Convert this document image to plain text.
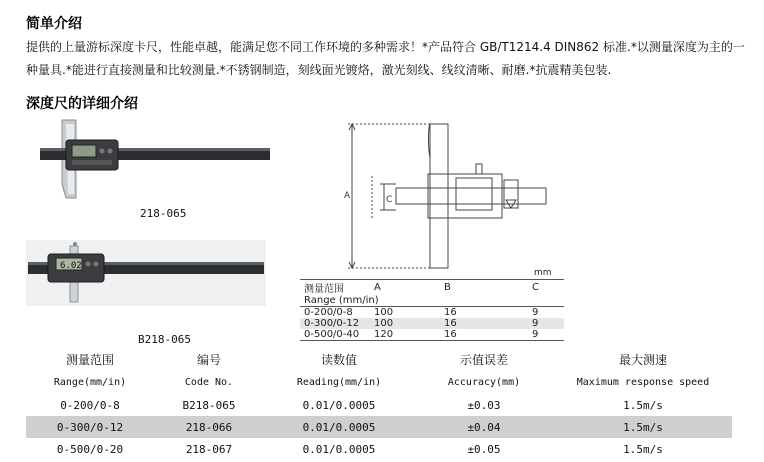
简单介绍
提供的上量游标深度卡尺，性能卓越，能满足您不同工作环境的多种需求！*产品符合 GB/T1214.4 DIN862 标准.*以测量深度为主的一种量具.*能进行直接测量和比较测量.*不锈钢制造，刻线面光镀烙，激光刻线、线纹清晰、耐磨.*抗震精美包装.
深度尺的详细介绍
218-065
6.02
B218-065
A	C
mm
测量范围	A	B	C
Range (mm/in)			
0-200/0-8	100	16	9
0-300/0-12	100	16	9
0-500/0-40	120	16	9
测量范围	编号	读数值	示值误差	最大测速
Range(mm/in)	Code No.	Reading(mm/in)	Accuracy(mm)	Maximum response speed
0-200/0-8	B218-065	0.01/0.0005	±0.03	1.5m/s
0-300/0-12	218-066	0.01/0.0005	±0.04	1.5m/s
0-500/0-20	218-067	0.01/0.0005	±0.05	1.5m/s
